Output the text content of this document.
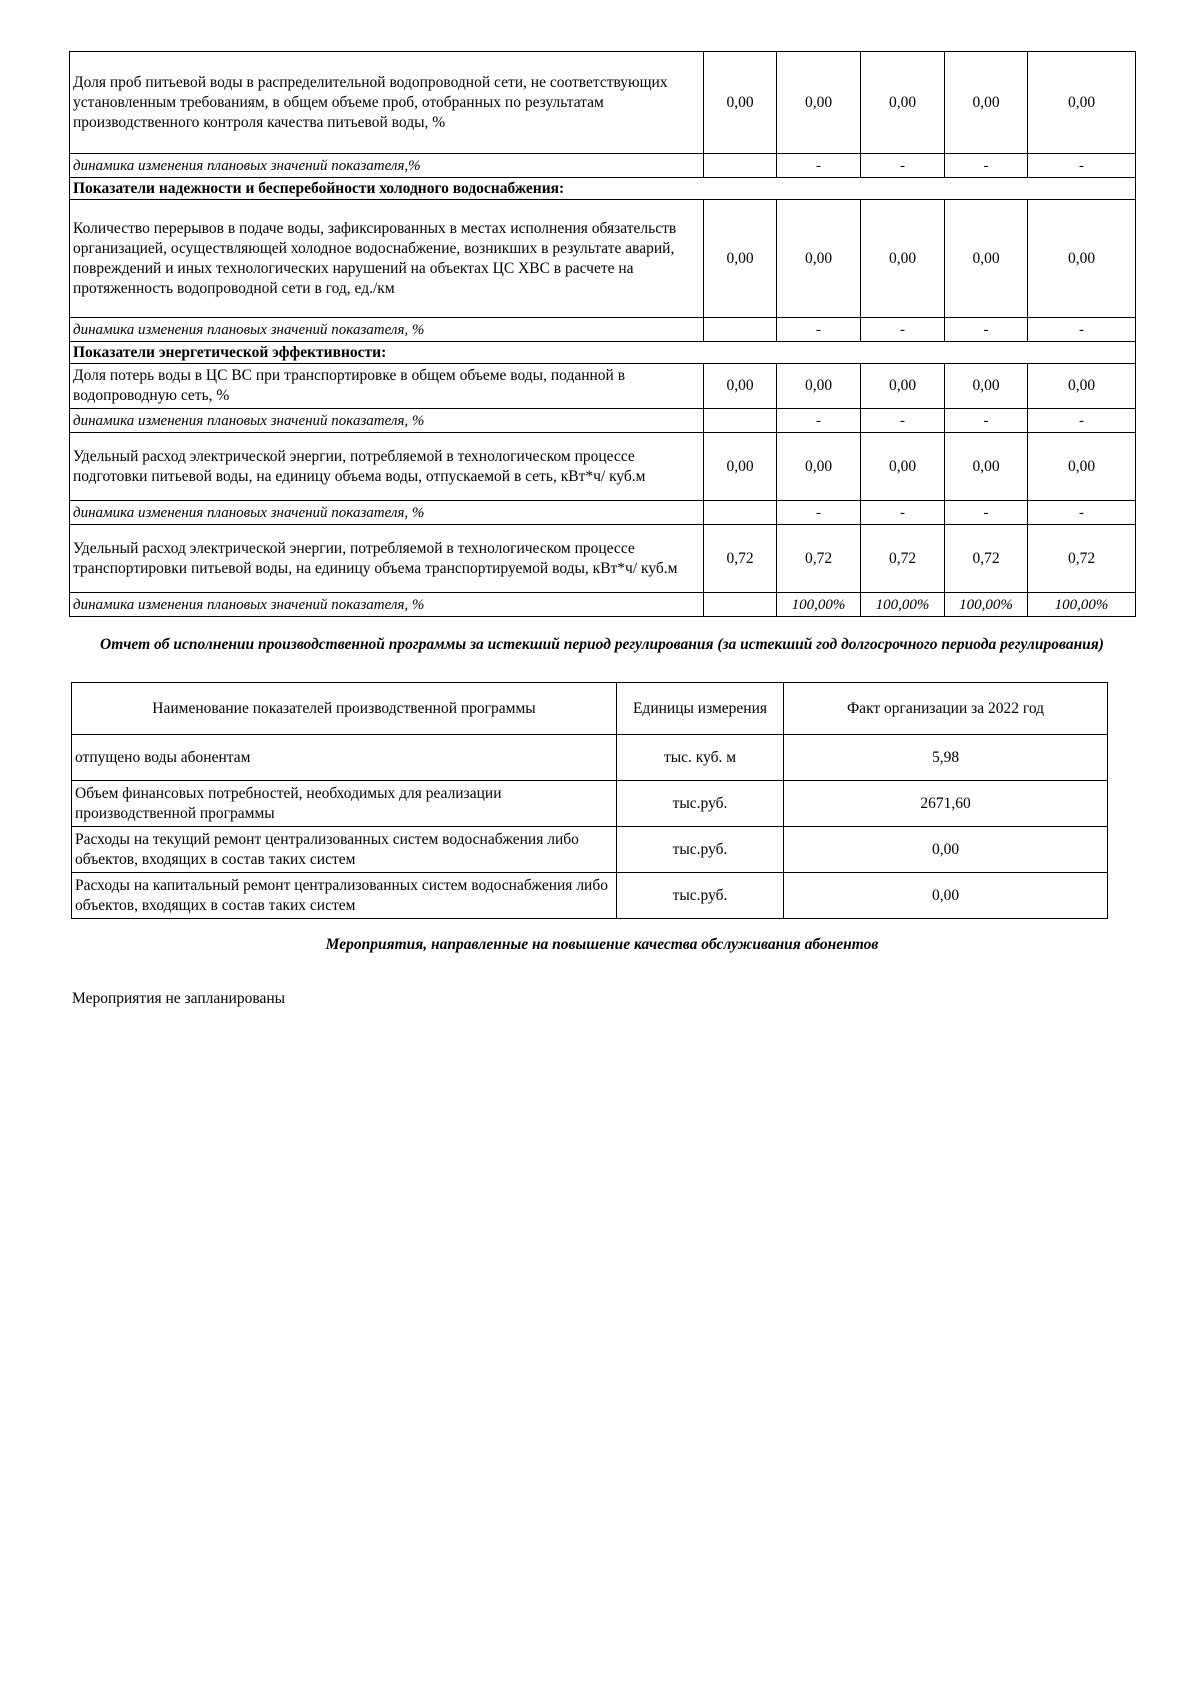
Доля проб питьевой воды в распределительной водопроводной сети, не соответствующих установленным требованиям, в общем объеме проб, отобранных по результатам производственного контроля качества питьевой воды, %	0,00	0,00	0,00	0,00	0,00
динамика изменения плановых значений показателя,%		-	-	-	-
Показатели надежности и бесперебойности холодного водоснабжения:					
Количество перерывов в подаче воды, зафиксированных в местах исполнения обязательств организацией, осуществляющей холодное водоснабжение, возникших в результате аварий, повреждений и иных технологических нарушений на объектах ЦС ХВС в расчете на протяженность водопроводной сети в год, ед./км	0,00	0,00	0,00	0,00	0,00
динамика изменения плановых значений показателя, %		-	-	-	-
Показатели энергетической эффективности:					
Доля потерь воды в ЦС ВС при транспортировке в общем объеме воды, поданной в водопроводную сеть, %	0,00	0,00	0,00	0,00	0,00
динамика изменения плановых значений показателя, %		-	-	-	-
Удельный расход электрической энергии, потребляемой в технологическом процессе подготовки питьевой воды, на единицу объема воды, отпускаемой в сеть, кВт*ч/ куб.м	0,00	0,00	0,00	0,00	0,00
динамика изменения плановых значений показателя, %		-	-	-	-
Удельный расход электрической энергии, потребляемой в технологическом процессе транспортировки питьевой воды, на единицу объема транспортируемой воды, кВт*ч/ куб.м	0,72	0,72	0,72	0,72	0,72
динамика изменения плановых значений показателя, %		100,00%	100,00%	100,00%	100,00%
Отчет об исполнении производственной программы за истекший период регулирования (за истекший год долгосрочного периода регулирования)
Наименование показателей производственной программы	Единицы измерения	Факт организации за 2022 год
отпущено воды абонентам	тыс. куб. м	5,98
Объем финансовых потребностей, необходимых для реализации производственной программы	тыс.руб.	2671,60
Расходы на текущий ремонт централизованных систем водоснабжения либо объектов, входящих в состав таких систем	тыс.руб.	0,00
Расходы на капитальный ремонт централизованных систем водоснабжения либо объектов, входящих в состав таких систем	тыс.руб.	0,00
Мероприятия, направленные на повышение качества обслуживания абонентов
Мероприятия не запланированы
